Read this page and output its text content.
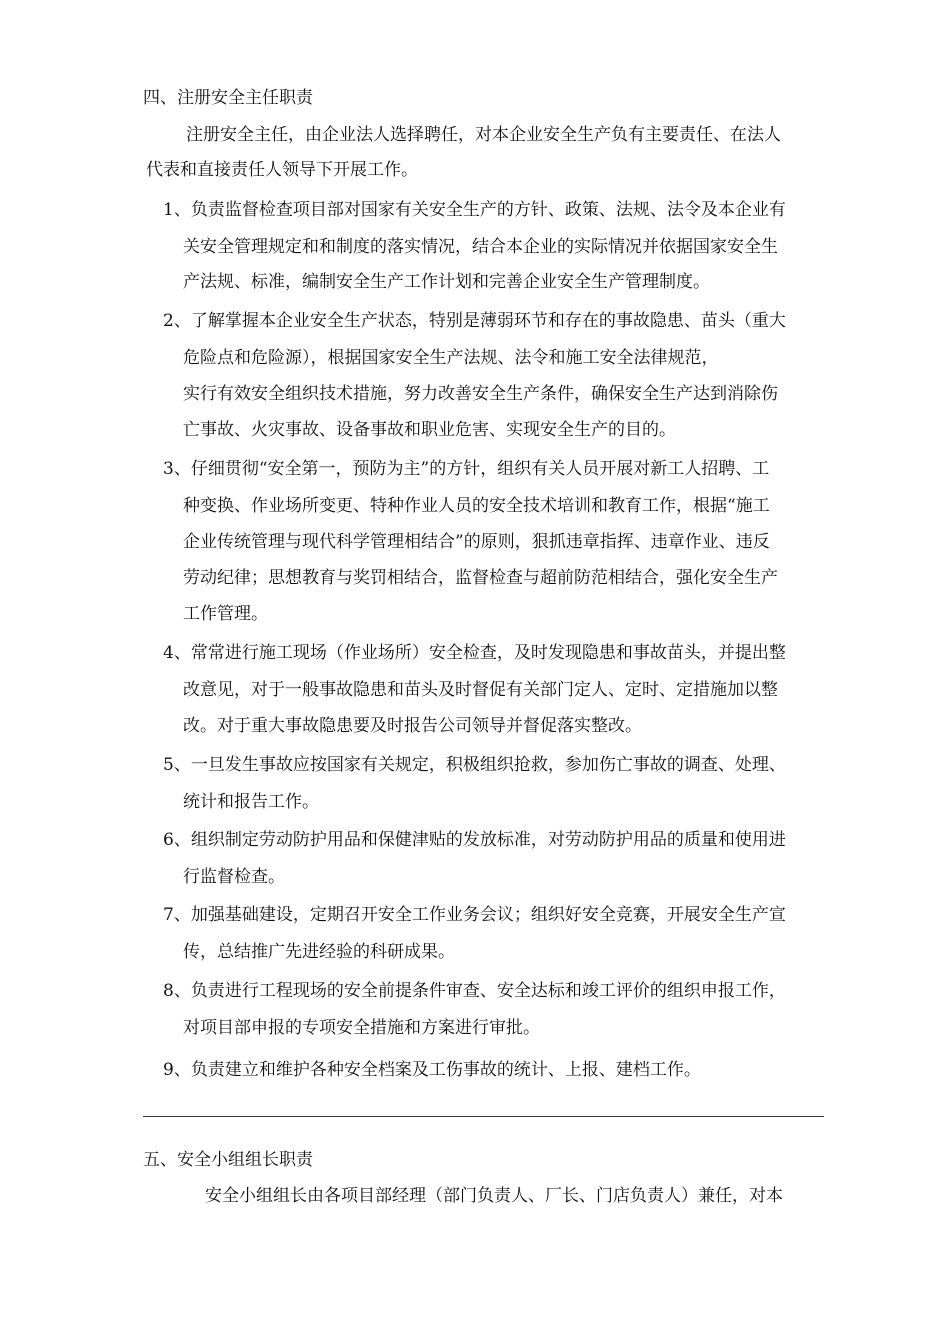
四、注册安全主任职责
注册安全主任，由企业法人选择聘任，对本企业安全生产负有主要责任、在法人
代表和直接责任人领导下开展工作。
1、负责监督检查项目部对国家有关安全生产的方针、政策、法规、法令及本企业有
关安全管理规定和和制度的落实情况，结合本企业的实际情况并依据国家安全生
产法规、标准，编制安全生产工作计划和完善企业安全生产管理制度。
2、了解掌握本企业安全生产状态，特别是薄弱环节和存在的事故隐患、苗头（重大
危险点和危险源），根据国家安全生产法规、法令和施工安全法律规范，
实行有效安全组织技术措施，努力改善安全生产条件，确保安全生产达到消除伤
亡事故、火灾事故、设备事故和职业危害、实现安全生产的目的。
3、仔细贯彻“安全第一，预防为主”的方针，组织有关人员开展对新工人招聘、工
种变换、作业场所变更、特种作业人员的安全技术培训和教育工作，根据“施工
企业传统管理与现代科学管理相结合”的原则，狠抓违章指挥、违章作业、违反
劳动纪律；思想教育与奖罚相结合，监督检查与超前防范相结合，强化安全生产
工作管理。
4、常常进行施工现场（作业场所）安全检查，及时发现隐患和事故苗头，并提出整
改意见，对于一般事故隐患和苗头及时督促有关部门定人、定时、定措施加以整
改。对于重大事故隐患要及时报告公司领导并督促落实整改。
5、一旦发生事故应按国家有关规定，积极组织抢救，参加伤亡事故的调查、处理、
统计和报告工作。
6、组织制定劳动防护用品和保健津贴的发放标准，对劳动防护用品的质量和使用进
行监督检查。
7、加强基础建设，定期召开安全工作业务会议；组织好安全竞赛，开展安全生产宣
传，总结推广先进经验的科研成果。
8、负责进行工程现场的安全前提条件审查、安全达标和竣工评价的组织申报工作，
对项目部申报的专项安全措施和方案进行审批。
9、负责建立和维护各种安全档案及工伤事故的统计、上报、建档工作。
五、安全小组组长职责
安全小组组长由各项目部经理（部门负责人、厂长、门店负责人）兼任，对本
